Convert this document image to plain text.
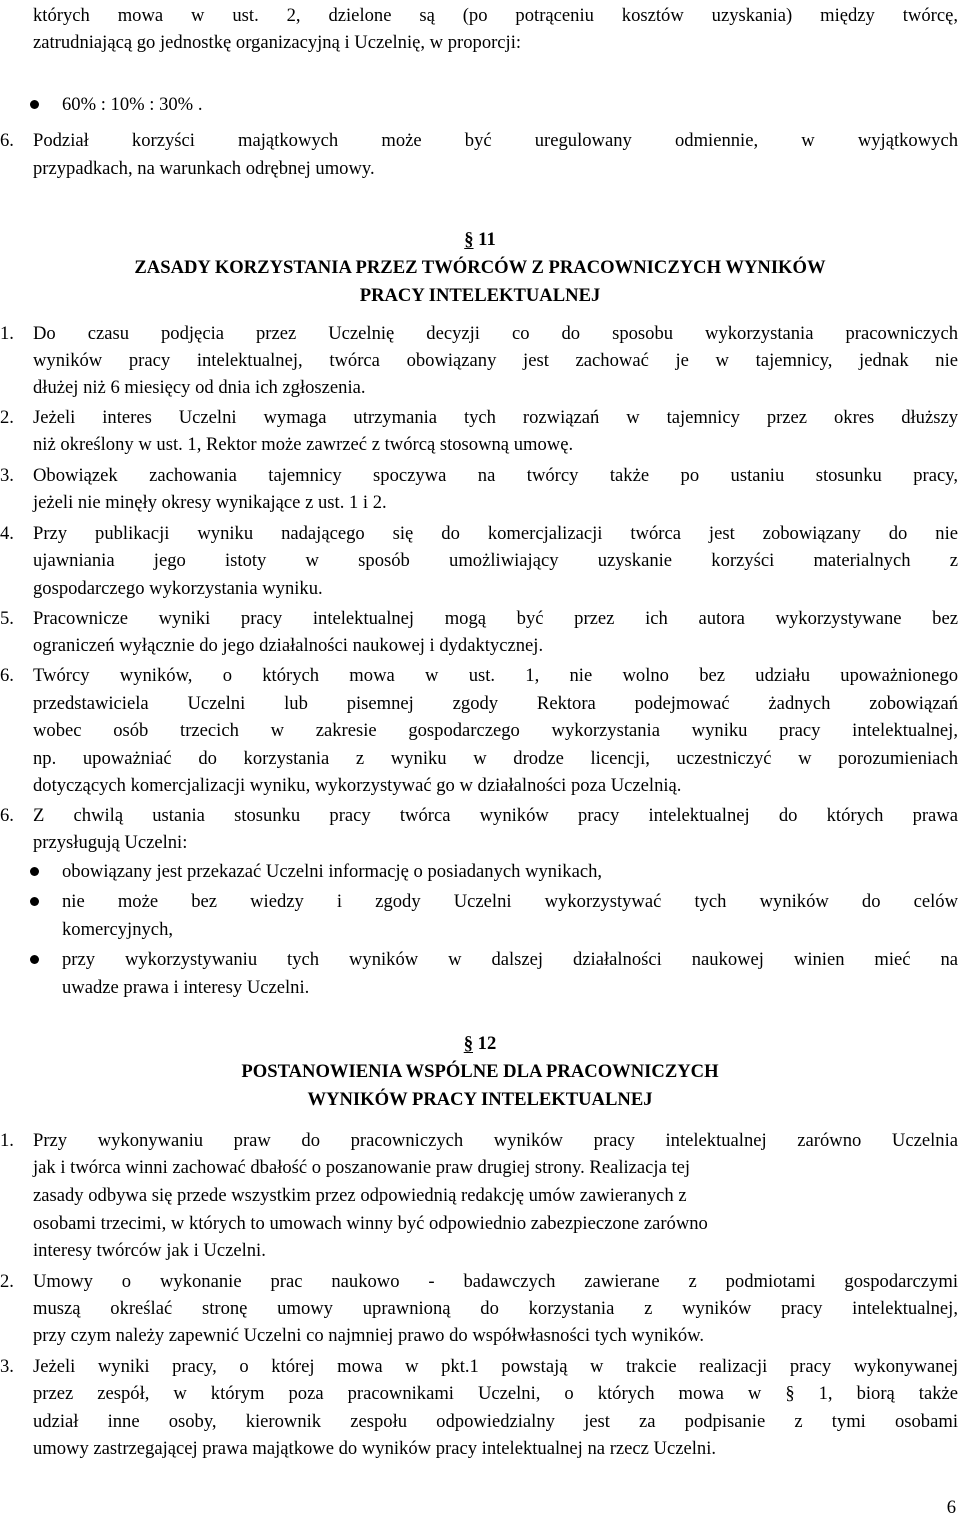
których mowa w ust. 2, dzielone są (po potrąceniu kosztów uzyskania) między twórcę,
zatrudniającą go jednostkę organizacyjną i Uczelnię, w proporcji:
60% : 10% : 30% .
6. Podział korzyści majątkowych może być uregulowany odmiennie, w wyjątkowych
przypadkach, na warunkach odrębnej umowy.
§ 11
ZASADY KORZYSTANIA PRZEZ TWÓRCÓW Z PRACOWNICZYCH WYNIKÓW
PRACY INTELEKTUALNEJ
1. Do czasu podjęcia przez Uczelnię decyzji co do sposobu wykorzystania pracowniczych
wyników pracy intelektualnej, twórca obowiązany jest zachować je w tajemnicy, jednak nie
dłużej niż 6 miesięcy od dnia ich zgłoszenia.
2. Jeżeli interes Uczelni wymaga utrzymania tych rozwiązań w tajemnicy przez okres dłuższy
niż określony w ust. 1, Rektor może zawrzeć z twórcą stosowną umowę.
3. Obowiązek zachowania tajemnicy spoczywa na twórcy także po ustaniu stosunku pracy,
jeżeli nie minęły okresy wynikające z ust. 1 i 2.
4. Przy publikacji wyniku nadającego się do komercjalizacji twórca jest zobowiązany do nie
ujawniania jego istoty w sposób umożliwiający uzyskanie korzyści materialnych z
gospodarczego wykorzystania wyniku.
5. Pracownicze wyniki pracy intelektualnej mogą być przez ich autora wykorzystywane bez
ograniczeń wyłącznie do jego działalności naukowej i dydaktycznej.
6. Twórcy wyników, o których mowa w ust. 1, nie wolno bez udziału upoważnionego
przedstawiciela Uczelni lub pisemnej zgody Rektora podejmować żadnych zobowiązań
wobec osób trzecich w zakresie gospodarczego wykorzystania wyniku pracy intelektualnej,
np. upoważniać do korzystania z wyniku w drodze licencji, uczestniczyć w porozumieniach
dotyczących komercjalizacji wyniku, wykorzystywać go w działalności poza Uczelnią.
6. Z chwilą ustania stosunku pracy twórca wyników pracy intelektualnej do których prawa
przysługują Uczelni:
obowiązany jest przekazać Uczelni informację o posiadanych wynikach,
nie może bez wiedzy i zgody Uczelni wykorzystywać tych wyników do celów
komercyjnych,
przy wykorzystywaniu tych wyników w dalszej działalności naukowej winien mieć na
uwadze prawa i interesy Uczelni.
§ 12
POSTANOWIENIA WSPÓLNE DLA PRACOWNICZYCH
WYNIKÓW PRACY INTELEKTUALNEJ
1. Przy wykonywaniu praw do pracowniczych wyników pracy intelektualnej zarówno Uczelnia
jak i twórca winni zachować dbałość o poszanowanie praw drugiej strony. Realizacja tej
zasady odbywa się przede wszystkim przez odpowiednią redakcję umów zawieranych z
osobami trzecimi, w których to umowach winny być odpowiednio zabezpieczone zarówno
interesy twórców jak i Uczelni.
2. Umowy o wykonanie prac naukowo - badawczych zawierane z podmiotami gospodarczymi
muszą określać stronę umowy uprawnioną do korzystania z wyników pracy intelektualnej,
przy czym należy zapewnić Uczelni co najmniej prawo do współwłasności tych wyników.
3. Jeżeli wyniki pracy, o której mowa w pkt.1 powstają w trakcie realizacji pracy wykonywanej
przez zespół, w którym poza pracownikami Uczelni, o których mowa w § 1, biorą także
udział inne osoby, kierownik zespołu odpowiedzialny jest za podpisanie z tymi osobami
umowy zastrzegającej prawa majątkowe do wyników pracy intelektualnej na rzecz Uczelni.
6
